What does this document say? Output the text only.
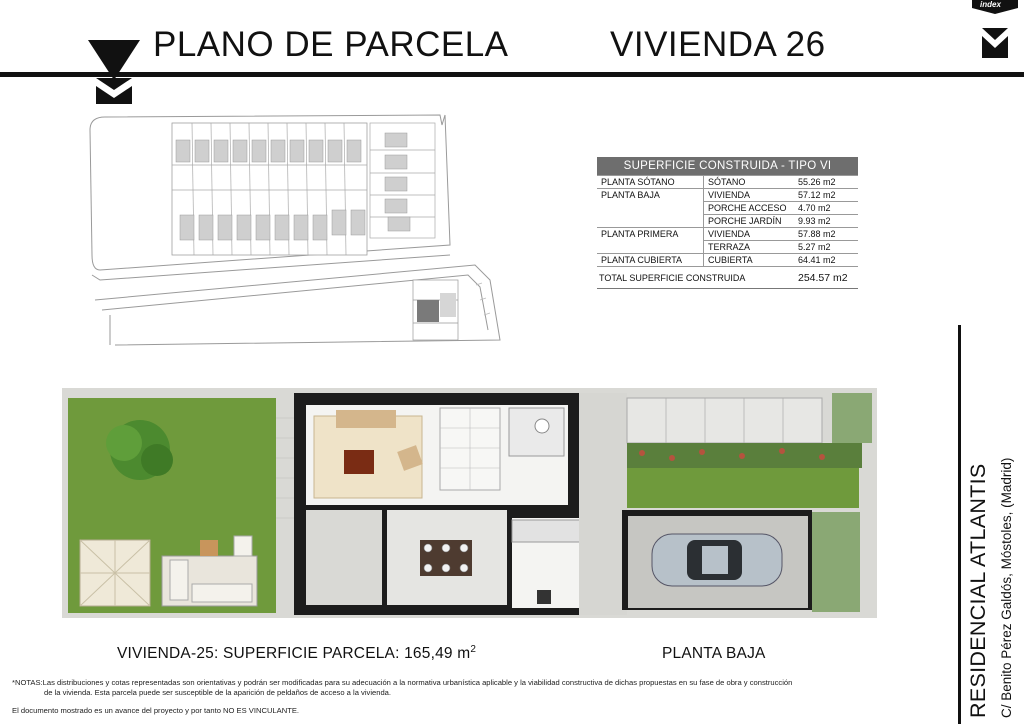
PLANO DE PARCELA	VIVIENDA 26
index
SUPERFICIE CONSTRUIDA - TIPO VI		
PLANTA SÓTANO	SÓTANO	55.26 m2
PLANTA BAJA	VIVIENDA	57.12 m2
	PORCHE ACCESO	4.70 m2
	PORCHE JARDÍN	9.93 m2
PLANTA PRIMERA	VIVIENDA	57.88 m2
	TERRAZA	5.27 m2
PLANTA CUBIERTA	CUBIERTA	64.41 m2
TOTAL SUPERFICIE CONSTRUIDA		254.57 m2
VIVIENDA-25: SUPERFICIE PARCELA: 165,49 $m^2$	PLANTA BAJA
*NOTAS:Las distribuciones y cotas representadas son orientativas y podrán ser modificadas para su adecuación a la normativa urbanística aplicable y la viabilidad constructiva de dichas propuestas en su fase de obra y construcción
de la vivienda. Esta parcela puede ser susceptible de la aparición de peldaños de acceso a la vivienda.
El documento mostrado es un avance del proyecto y por tanto NO ES VINCULANTE.	RESIDENCIAL ATLANTIS C/ Benito Pérez Galdós, Móstoles, (Madrid)
